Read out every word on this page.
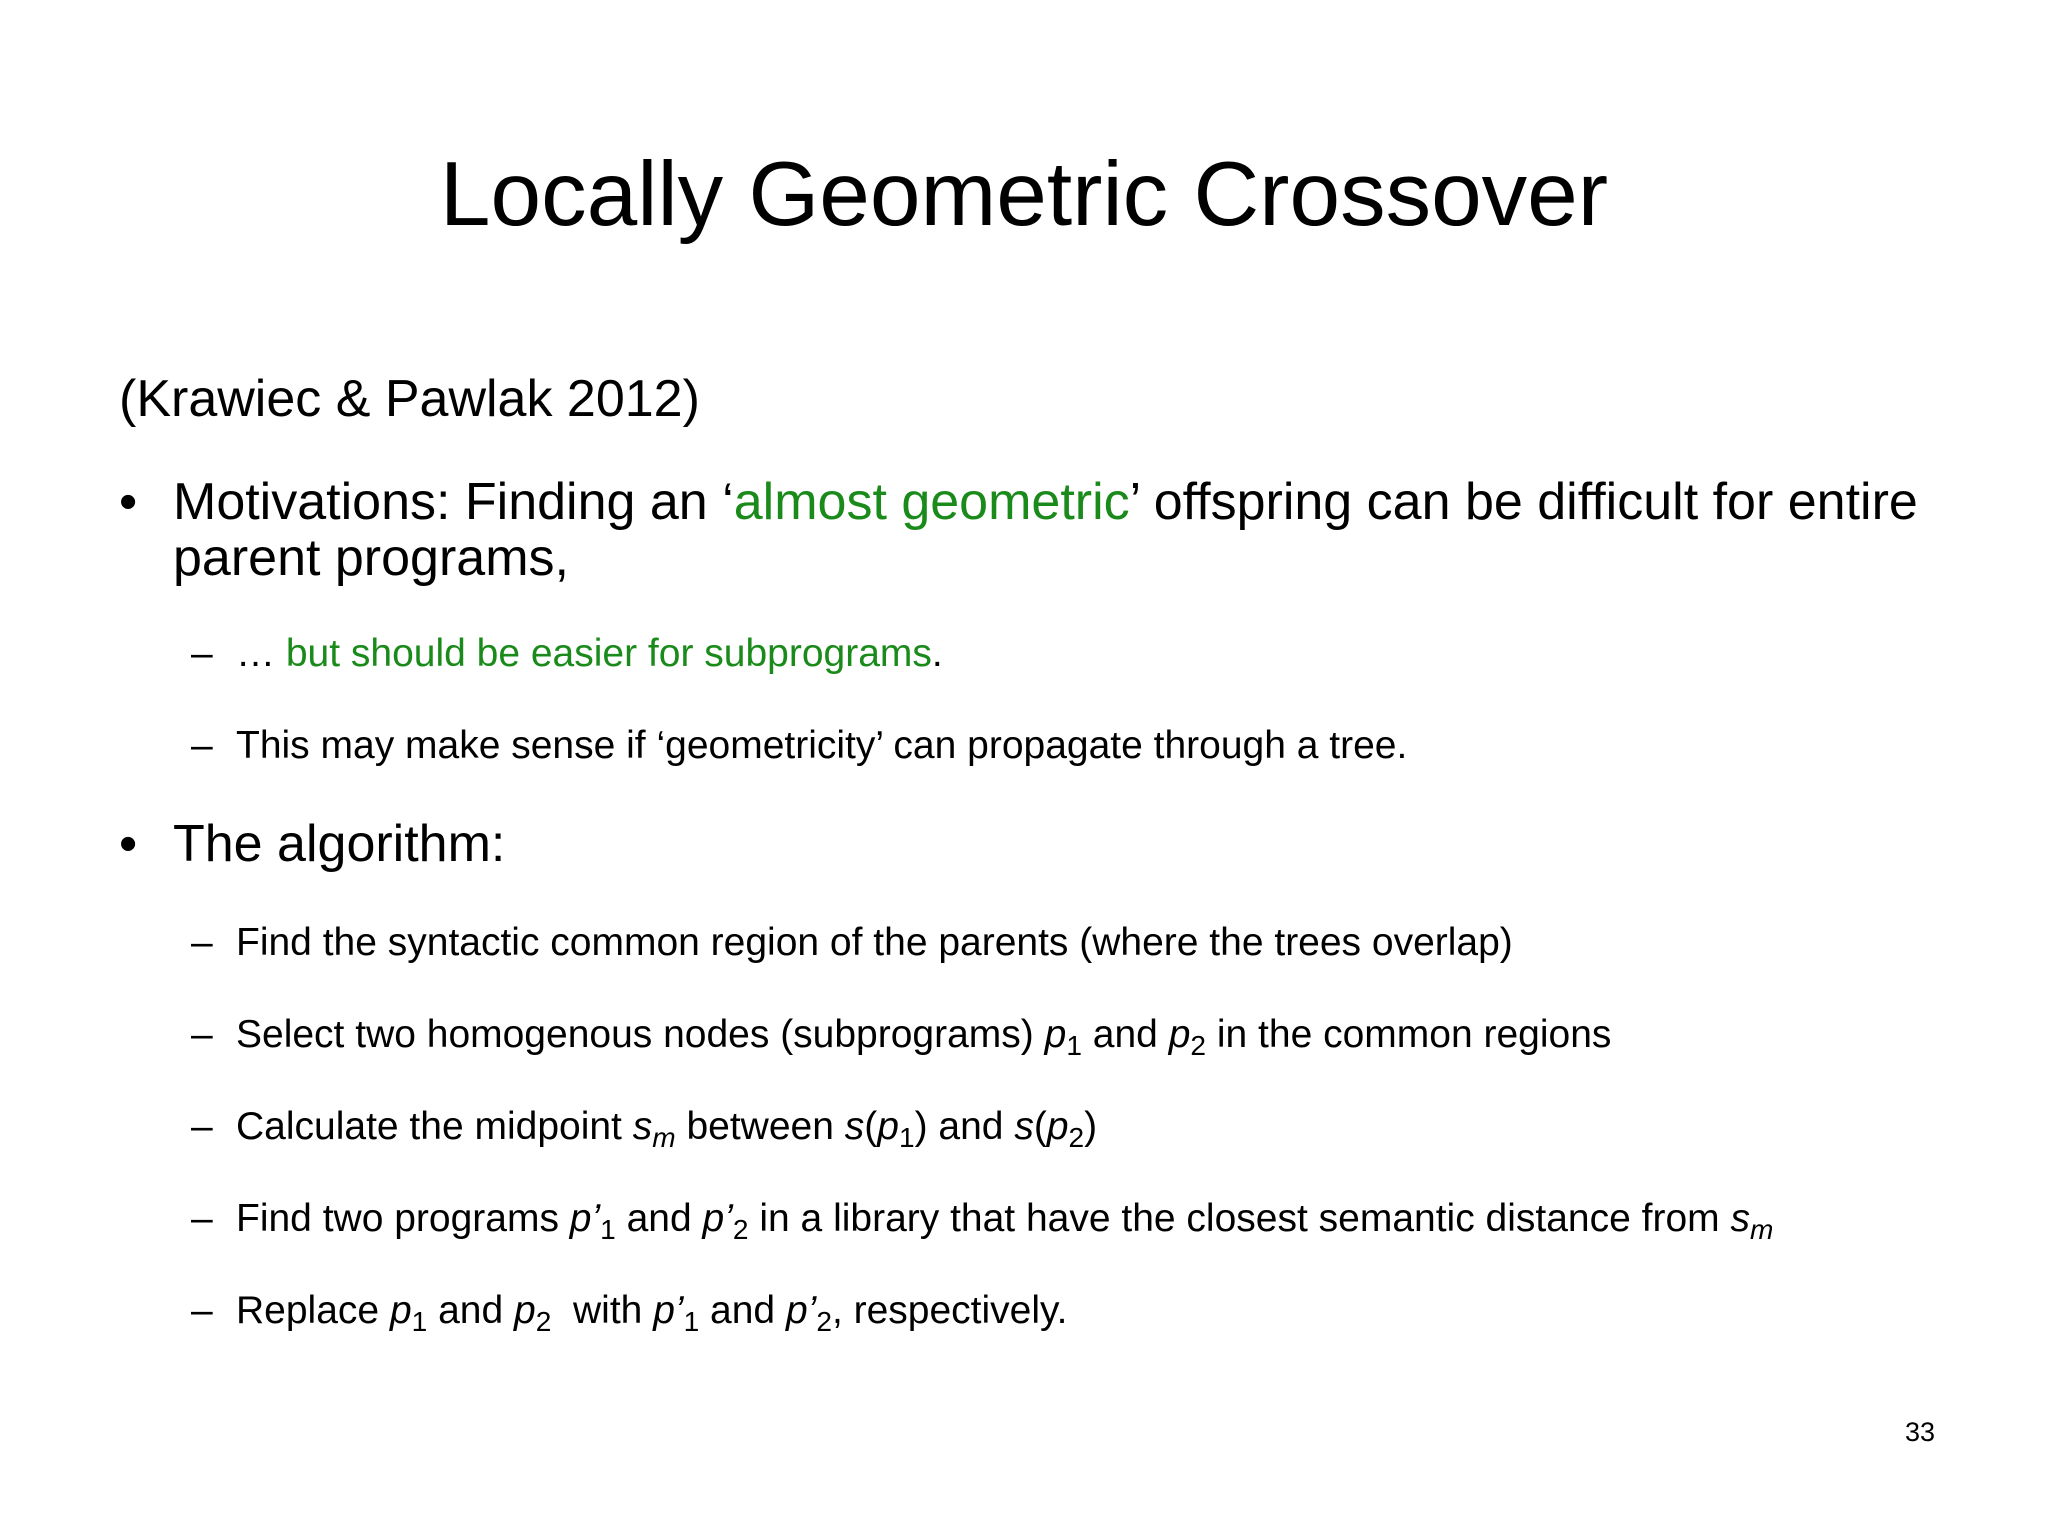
Locally Geometric Crossover
(Krawiec & Pawlak 2012)
• Motivations: Finding an ‘almost geometric’ offspring can be difficult for entire parent programs,
– … but should be easier for subprograms.
– This may make sense if ‘geometricity’ can propagate through a tree.
• The algorithm:
– Find the syntactic common region of the parents (where the trees overlap)
– Select two homogenous nodes (subprograms) $p_1$ and $p_2$ in the common regions
– Calculate the midpoint $s_m$ between $s(p_1)$ and $s(p_2)$
– Find two programs $p’_1$ and $p’_2$ in a library that have the closest semantic distance from $s_m$
– Replace $p_1$ and $p_2$  with $p’_1$ and $p’_2$, respectively.
33
